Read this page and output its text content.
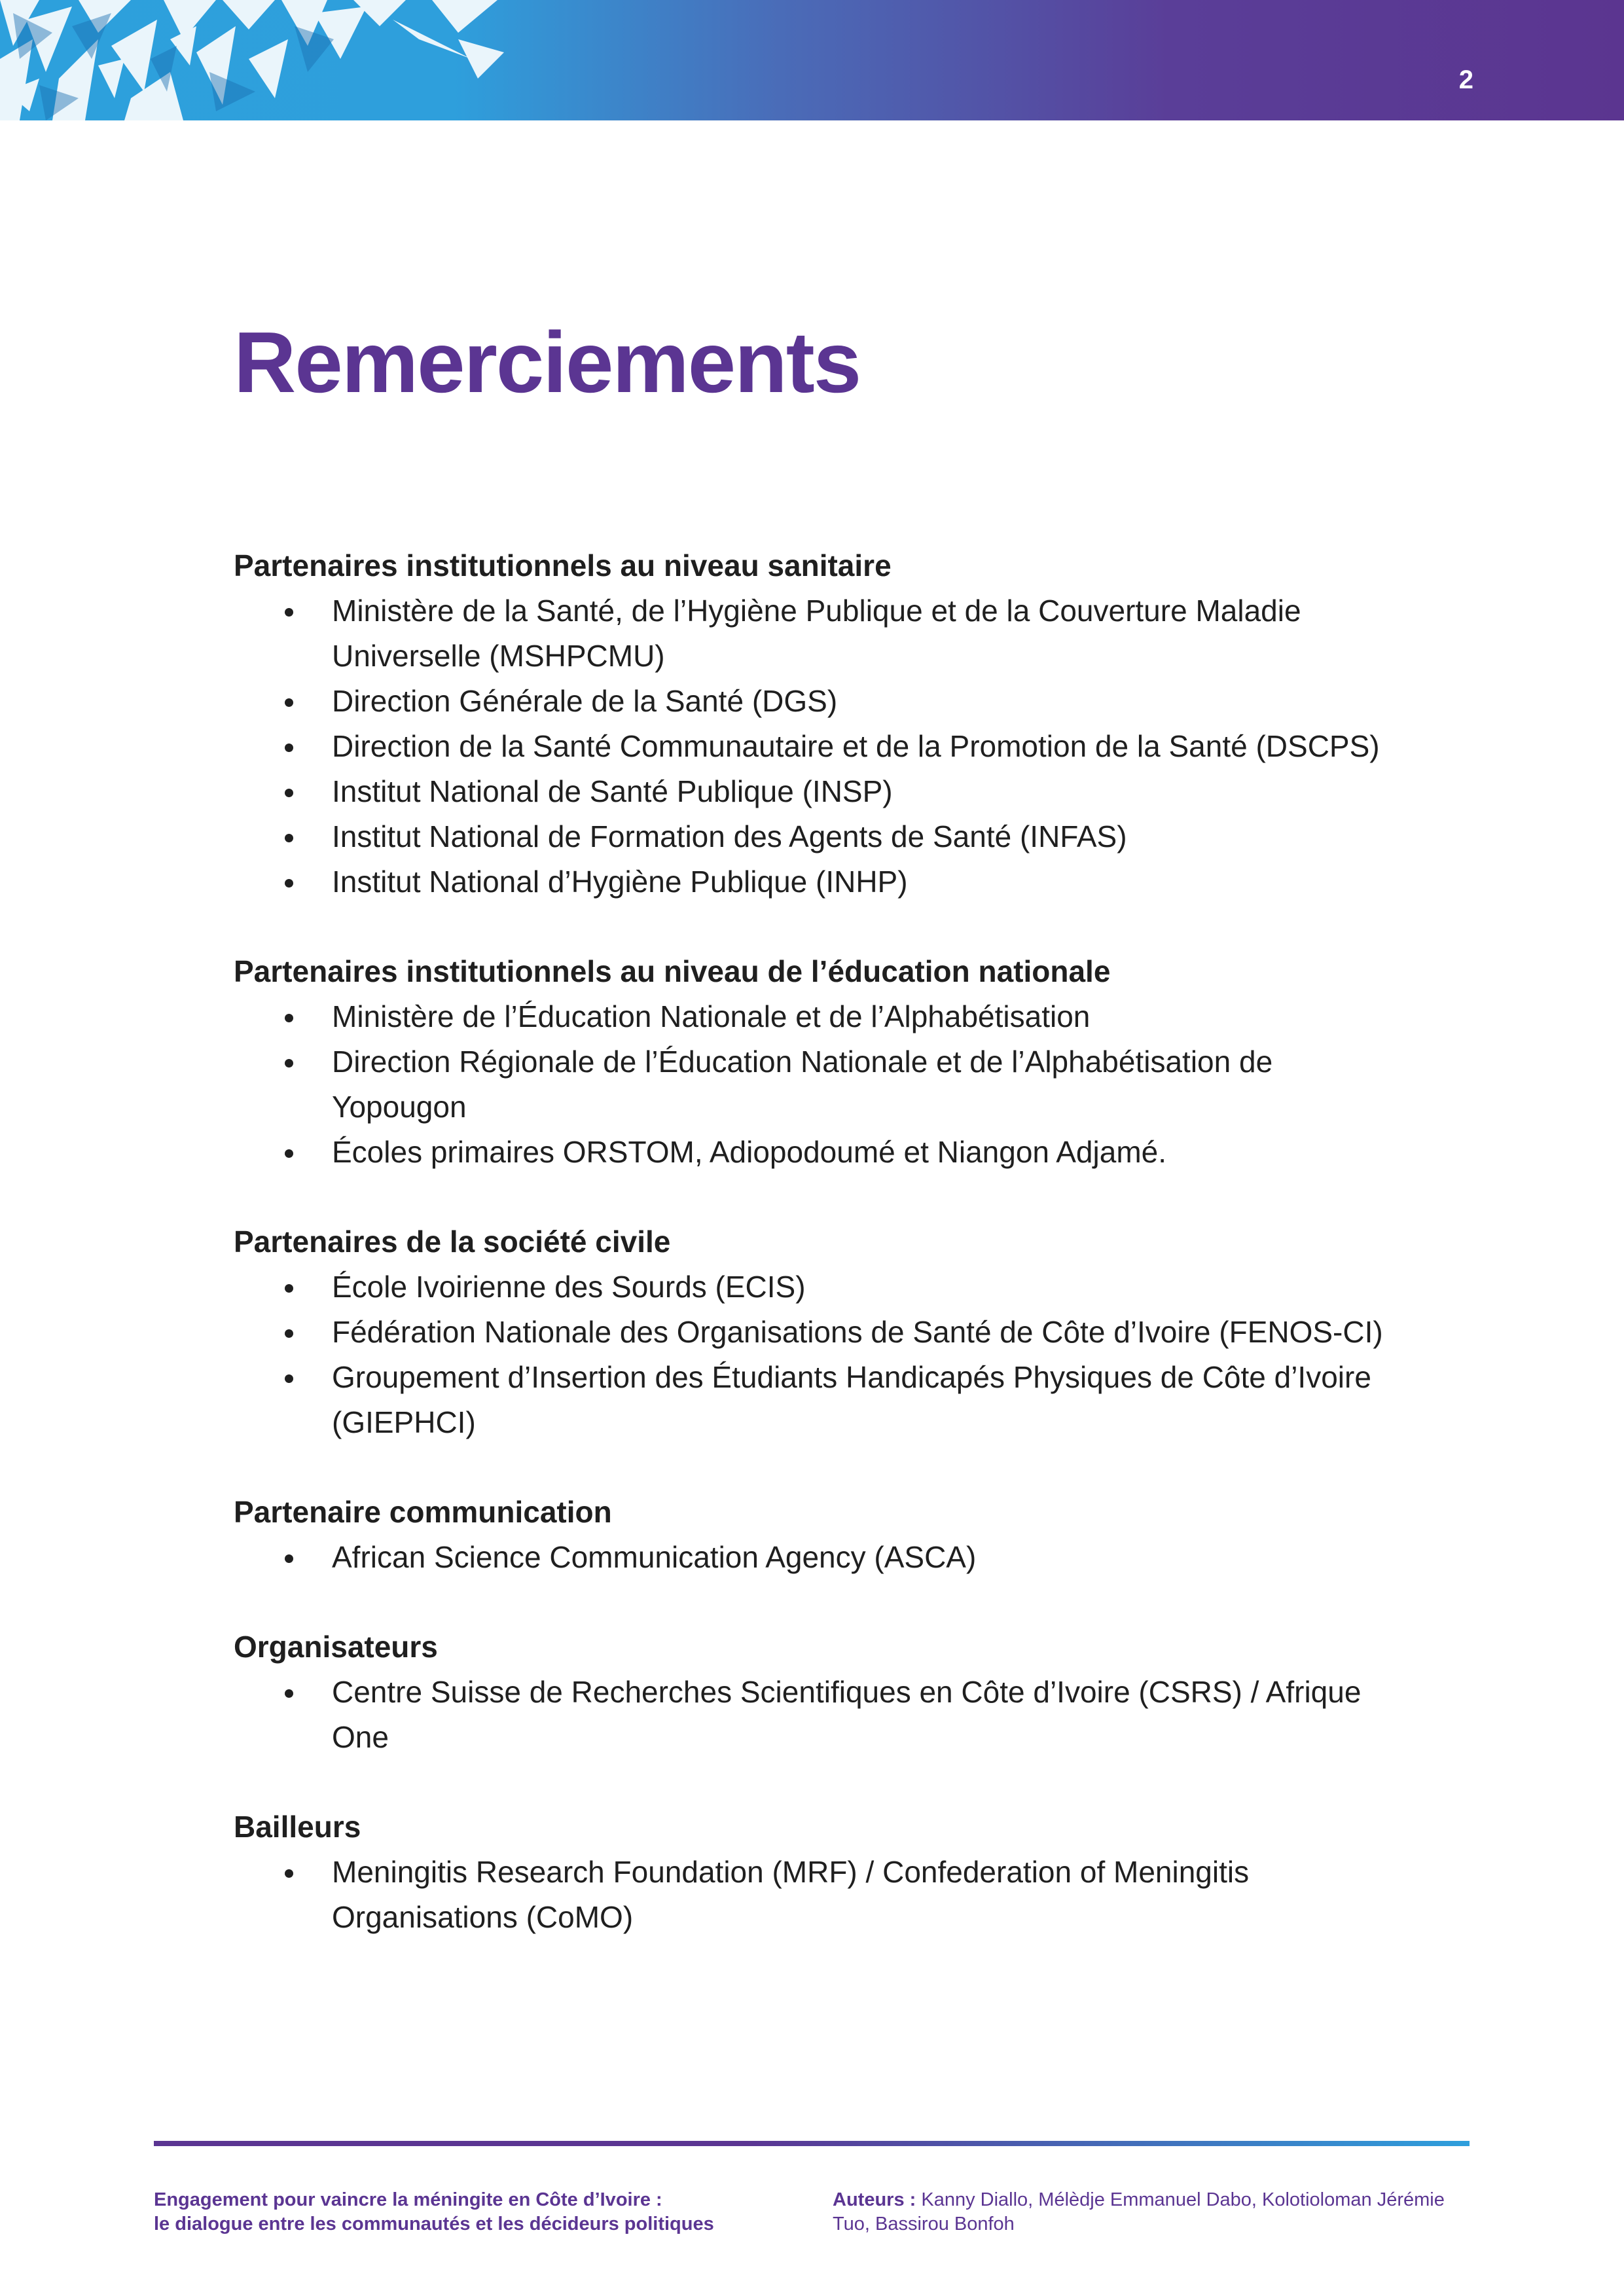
2
Remerciements

Partenaires institutionnels au niveau sanitaire

Ministère de la Santé, de l’Hygiène Publique et de la Couverture Maladie Universelle (MSHPCMU)
Direction Générale de la Santé (DGS)
Direction de la Santé Communautaire et de la Promotion de la Santé (DSCPS)
Institut National de Santé Publique (INSP)
Institut National de Formation des Agents de Santé (INFAS)
Institut National d’Hygiène Publique (INHP)

Partenaires institutionnels au niveau de l’éducation nationale

Ministère de l’Éducation Nationale et de l’Alphabétisation
Direction Régionale de l’Éducation Nationale et de l’Alphabétisation de Yopougon
Écoles primaires ORSTOM, Adiopodoumé et Niangon Adjamé.

Partenaires de la société civile

École Ivoirienne des Sourds (ECIS)
Fédération Nationale des Organisations de Santé de Côte d’Ivoire (FENOS-CI)
Groupement d’Insertion des Étudiants Handicapés Physiques de Côte d’Ivoire (GIEPHCI)

Partenaire communication

African Science Communication Agency (ASCA)

Organisateurs

Centre Suisse de Recherches Scientifiques en Côte d’Ivoire (CSRS) / Afrique One

Bailleurs

Meningitis Research Foundation (MRF) / Confederation of Meningitis Organisations (CoMO)
Engagement pour vaincre la méningite en Côte d’Ivoire :
le dialogue entre les communautés et les décideurs politiques
Auteurs : Kanny Diallo, Mélèdje Emmanuel Dabo, Kolotioloman Jérémie Tuo, Bassirou Bonfoh
